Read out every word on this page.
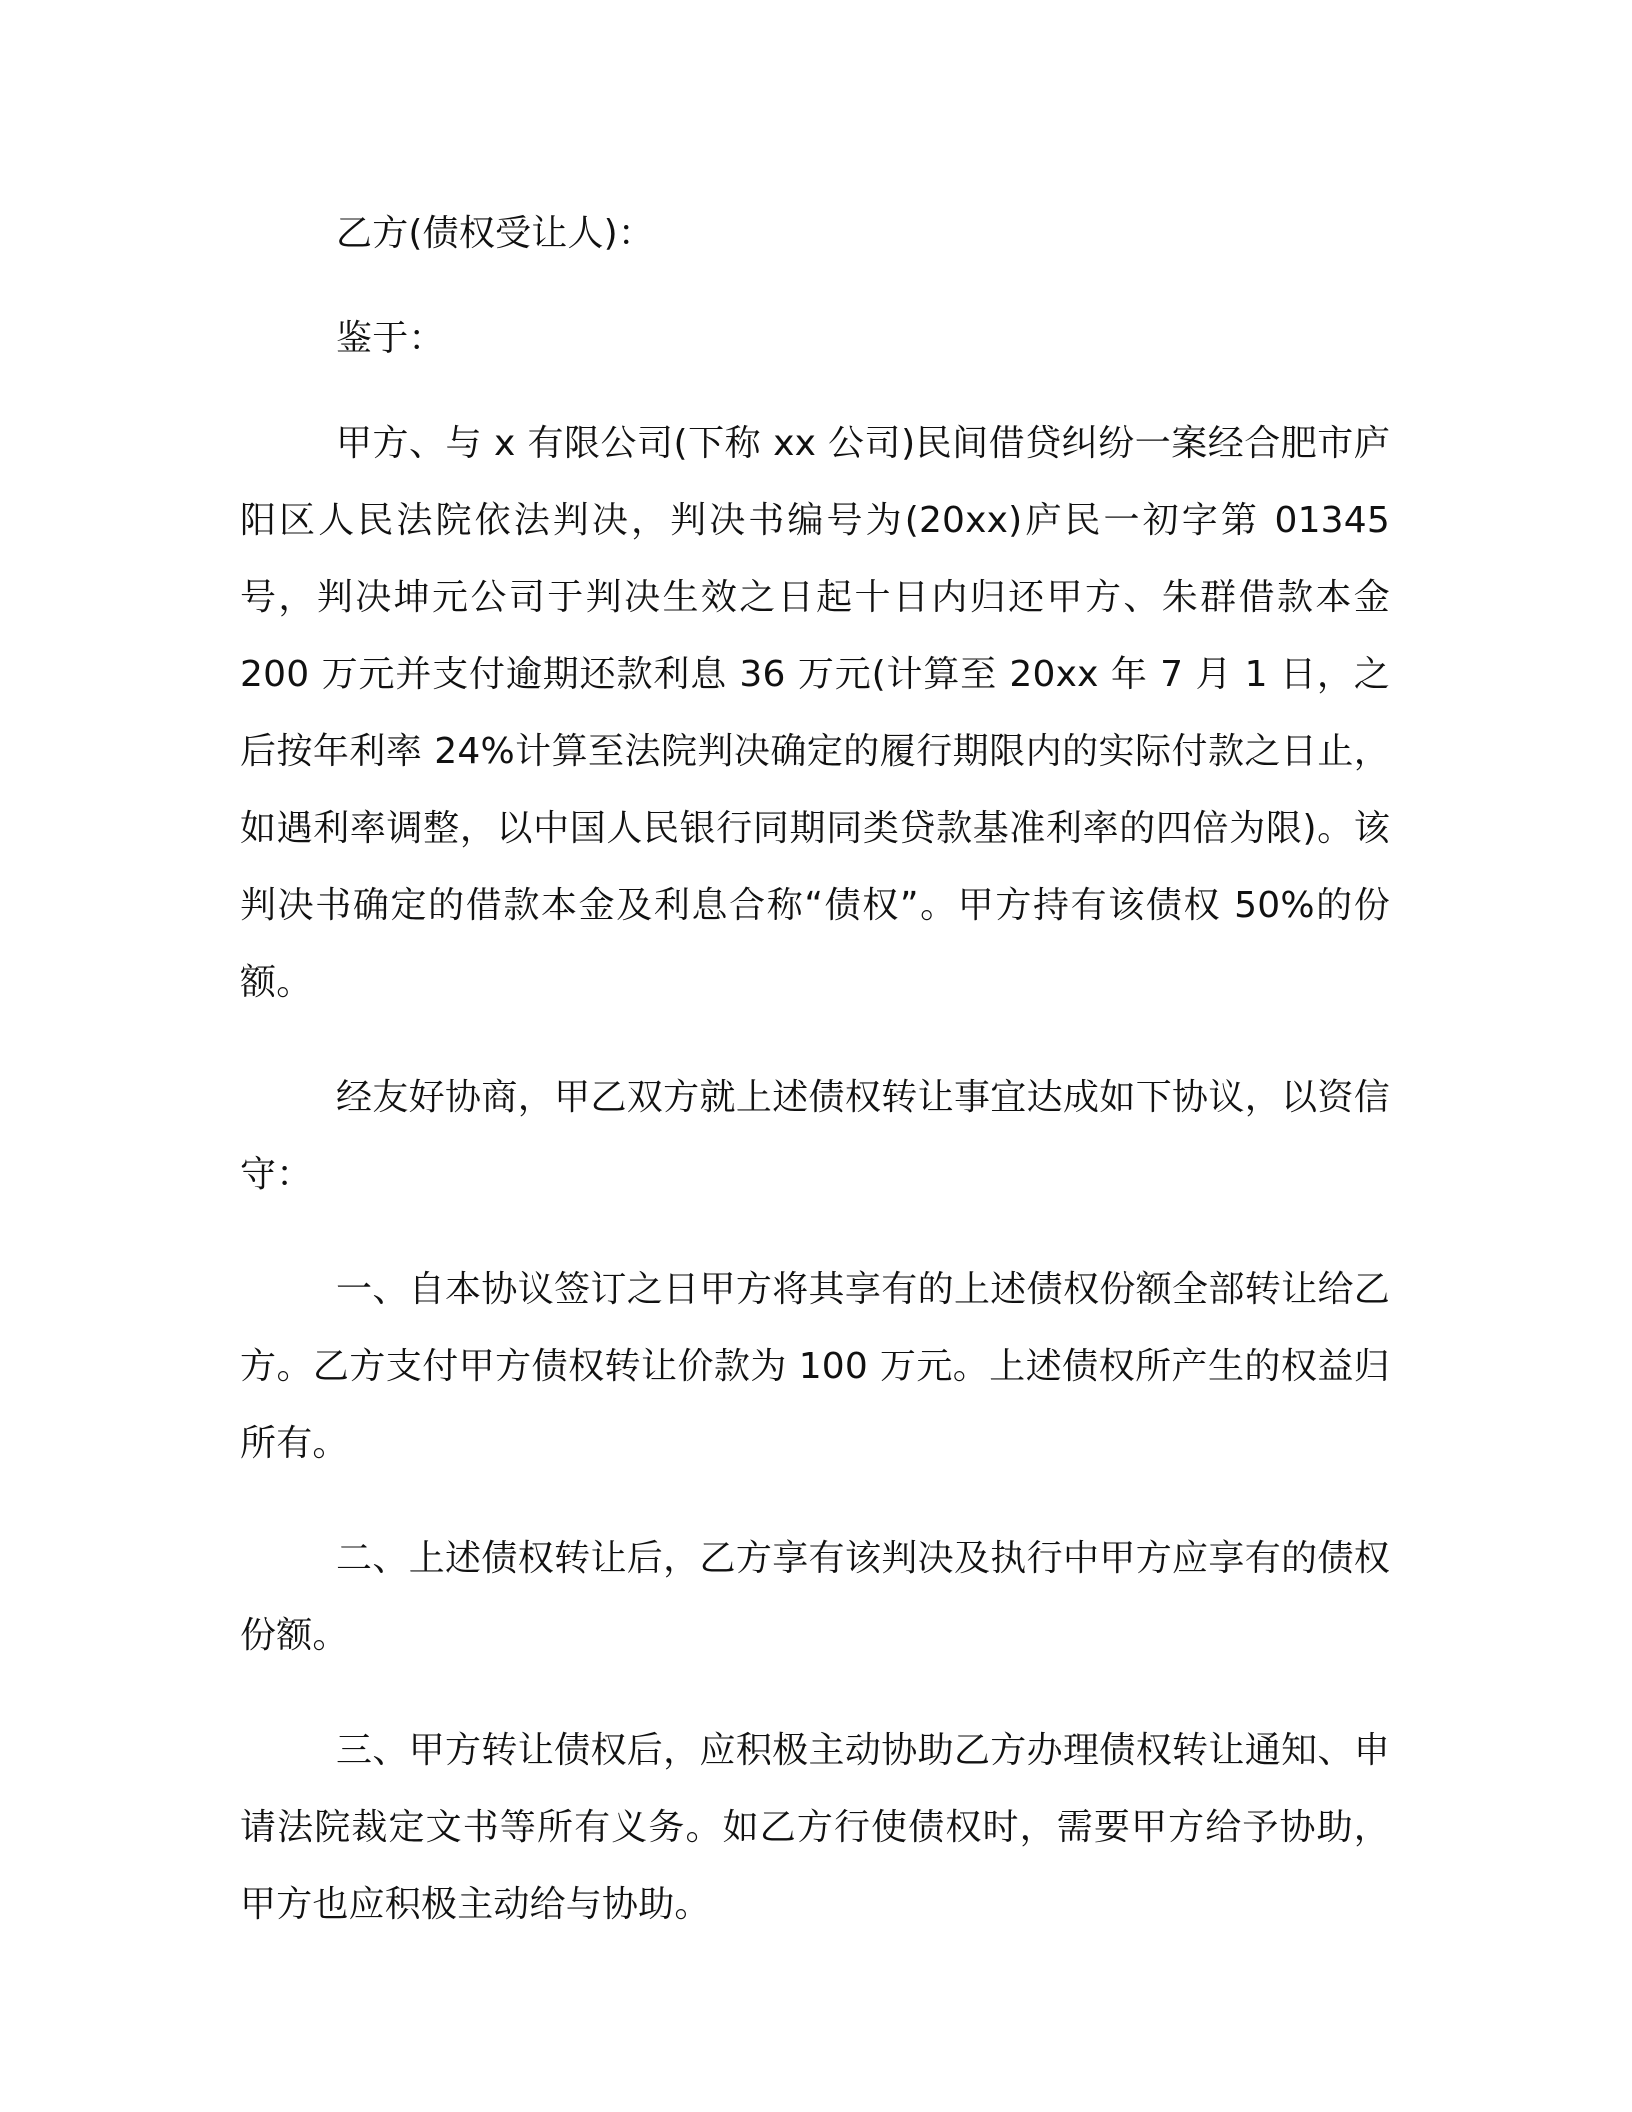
乙方(债权受让人)：

鉴于：

甲方、与 x 有限公司(下称 xx 公司)民间借贷纠纷一案经合肥市庐阳区人民法院依法判决，判决书编号为(20xx)庐民一初字第 01345 号，判决坤元公司于判决生效之日起十日内归还甲方、朱群借款本金 200 万元并支付逾期还款利息 36 万元(计算至 20xx 年 7 月 1 日，之后按年利率 24%计算至法院判决确定的履行期限内的实际付款之日止，如遇利率调整，以中国人民银行同期同类贷款基准利率的四倍为限)。该判决书确定的借款本金及利息合称“债权”。甲方持有该债权 50%的份额。

经友好协商，甲乙双方就上述债权转让事宜达成如下协议，以资信守：

一、自本协议签订之日甲方将其享有的上述债权份额全部转让给乙方。乙方支付甲方债权转让价款为 100 万元。上述债权所产生的权益归所有。

二、上述债权转让后，乙方享有该判决及执行中甲方应享有的债权份额。

三、甲方转让债权后，应积极主动协助乙方办理债权转让通知、申请法院裁定文书等所有义务。如乙方行使债权时，需要甲方给予协助，甲方也应积极主动给与协助。
